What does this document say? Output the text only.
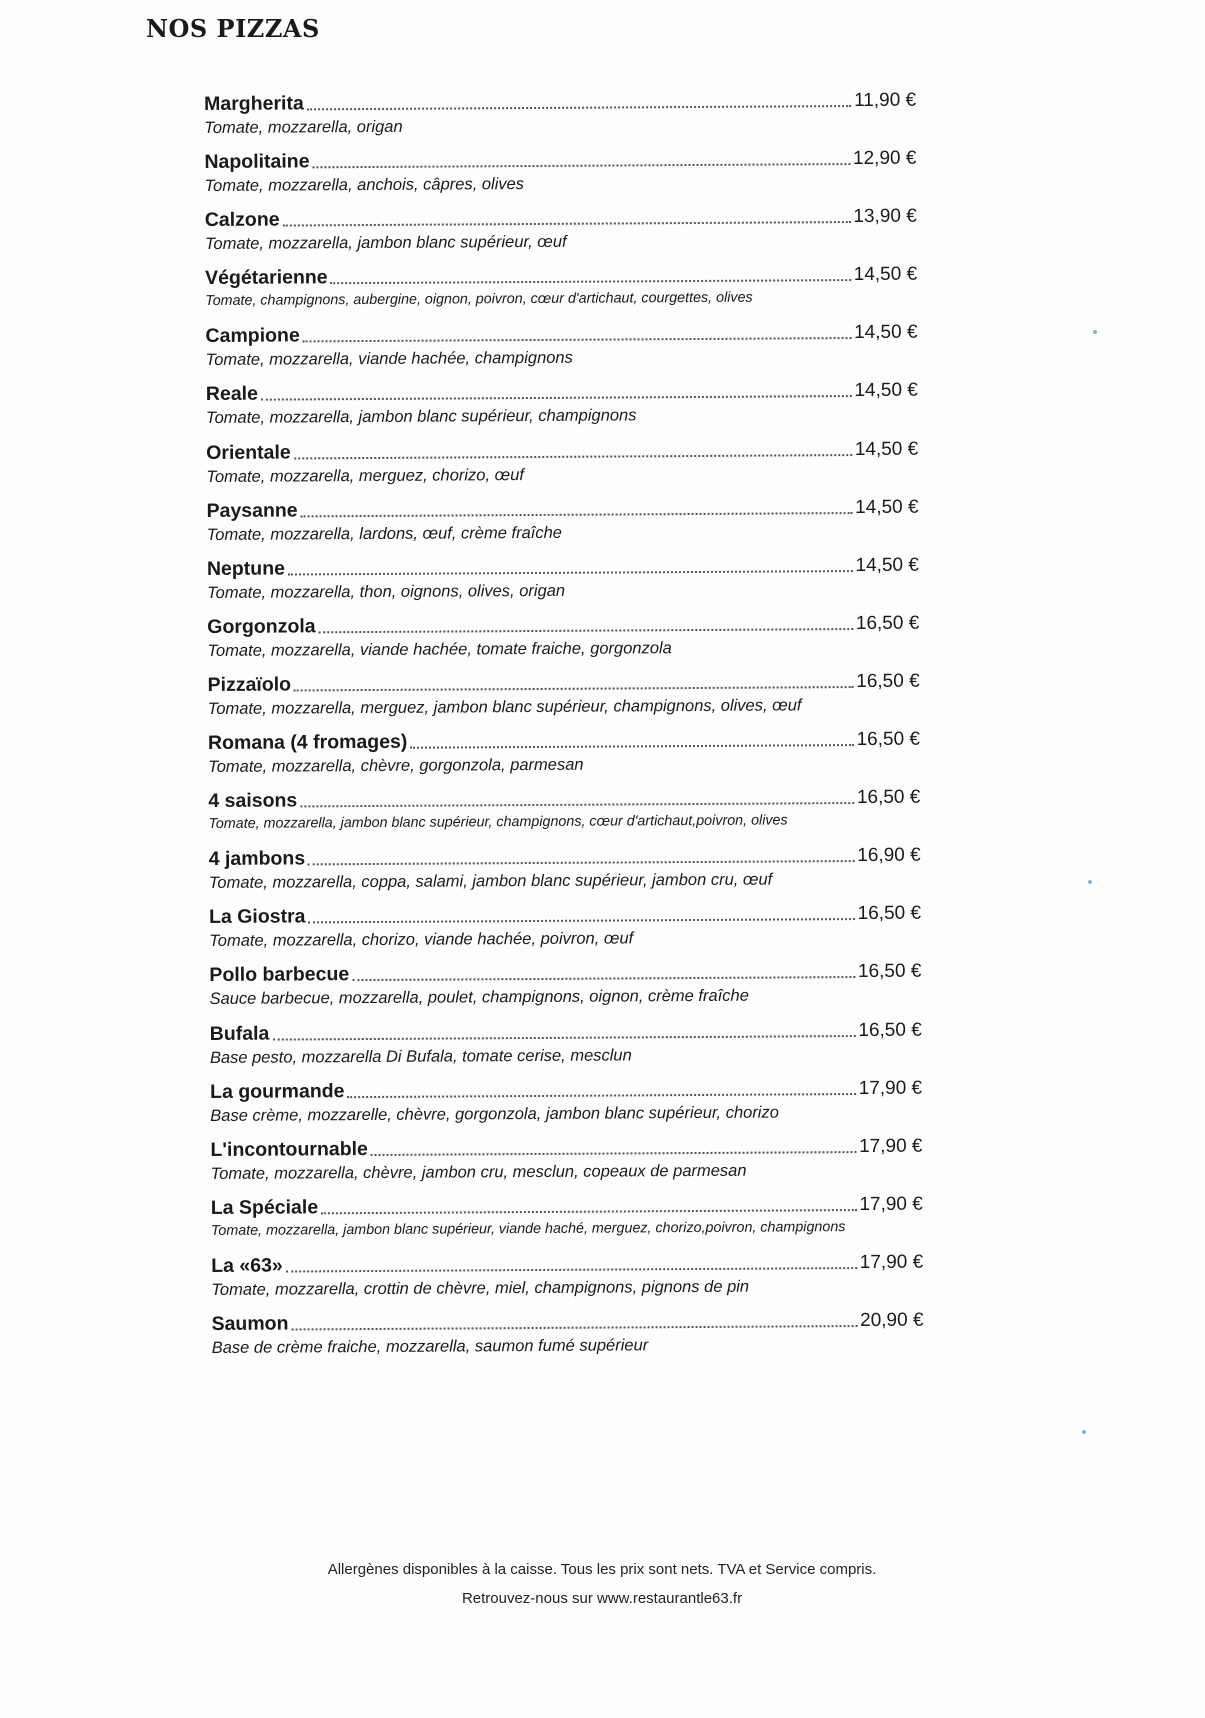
NOS PIZZAS
Margherita	11,90 €
Tomate, mozzarella, origan
Napolitaine	12,90 €
Tomate, mozzarella, anchois, câpres, olives
Calzone	13,90 €
Tomate, mozzarella, jambon blanc supérieur, œuf
Végétarienne	14,50 €
Tomate, champignons, aubergine, oignon, poivron, cœur d'artichaut, courgettes, olives
Campione	14,50 €
Tomate, mozzarella, viande hachée, champignons
Reale	14,50 €
Tomate, mozzarella, jambon blanc supérieur, champignons
Orientale	14,50 €
Tomate, mozzarella, merguez, chorizo, œuf
Paysanne	14,50 €
Tomate, mozzarella, lardons, œuf, crème fraîche
Neptune	14,50 €
Tomate, mozzarella, thon, oignons, olives, origan
Gorgonzola	16,50 €
Tomate, mozzarella, viande hachée, tomate fraiche, gorgonzola
Pizzaïolo	16,50 €
Tomate, mozzarella, merguez, jambon blanc supérieur, champignons, olives, œuf
Romana (4 fromages)	16,50 €
Tomate, mozzarella, chèvre, gorgonzola, parmesan
4 saisons	16,50 €
Tomate, mozzarella, jambon blanc supérieur, champignons, cœur d'artichaut,poivron, olives
4 jambons	16,90 €
Tomate, mozzarella, coppa, salami, jambon blanc supérieur, jambon cru, œuf
La Giostra	16,50 €
Tomate, mozzarella, chorizo, viande hachée, poivron, œuf
Pollo barbecue	16,50 €
Sauce barbecue, mozzarella, poulet, champignons, oignon, crème fraîche
Bufala	16,50 €
Base pesto, mozzarella Di Bufala, tomate cerise, mesclun
La gourmande	17,90 €
Base crème, mozzarelle, chèvre, gorgonzola, jambon blanc supérieur, chorizo
L'incontournable	17,90 €
Tomate, mozzarella, chèvre, jambon cru, mesclun, copeaux de parmesan
La Spéciale	17,90 €
Tomate, mozzarella, jambon blanc supérieur, viande haché, merguez, chorizo,poivron, champignons
La «63»	17,90 €
Tomate, mozzarella, crottin de chèvre, miel, champignons, pignons de pin
Saumon	20,90 €
Base de crème fraiche, mozzarella, saumon fumé supérieur
Allergènes disponibles à la caisse. Tous les prix sont nets. TVA et Service compris.
Retrouvez-nous sur www.restaurantle63.fr
